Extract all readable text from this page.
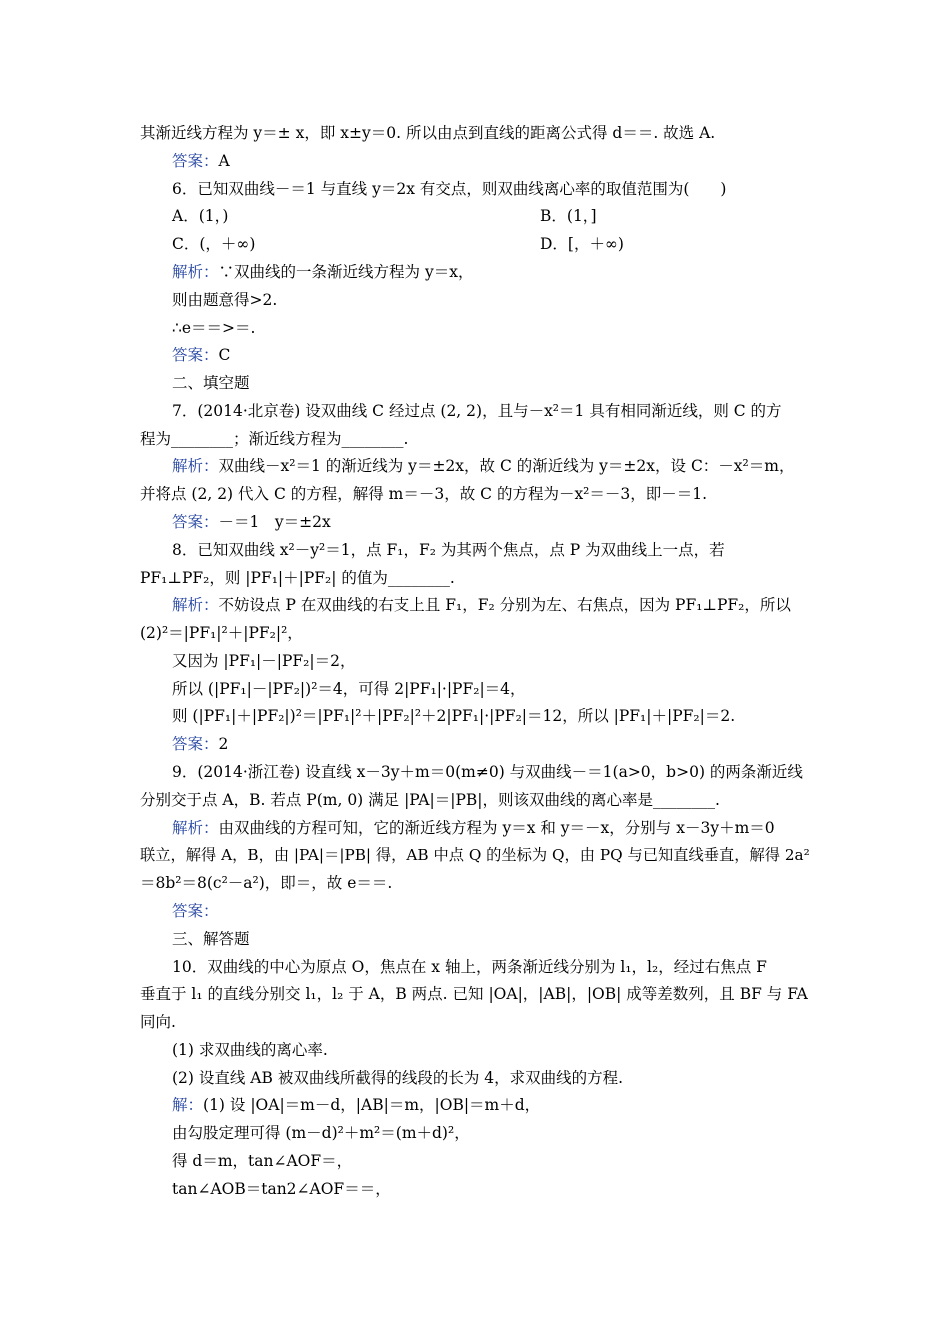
其渐近线方程为 y＝± x，即 x±y＝0. 所以由点到直线的距离公式得 d＝＝. 故选 A.
答案：A
6．已知双曲线－＝1 与直线 y＝2x 有交点，则双曲线离心率的取值范围为(　　)
A．(1，)	B．(1，]
C．(，＋∞)	D．[，＋∞)
解析：∵双曲线的一条渐近线方程为 y＝x，
则由题意得>2.
∴e＝＝>＝.
答案：C
二、填空题
7．(2014·北京卷) 设双曲线 C 经过点 (2, 2)，且与－x²＝1 具有相同渐近线，则 C 的方
程为________；渐近线方程为________.
解析：双曲线－x²＝1 的渐近线为 y＝±2x，故 C 的渐近线为 y＝±2x，设 C：－x²＝m，
并将点 (2, 2) 代入 C 的方程，解得 m＝－3，故 C 的方程为－x²＝－3，即－＝1.
答案：－＝1　y＝±2x
8．已知双曲线 x²－y²＝1，点 F₁，F₂ 为其两个焦点，点 P 为双曲线上一点，若
PF₁⊥PF₂，则 |PF₁|＋|PF₂| 的值为________.
解析：不妨设点 P 在双曲线的右支上且 F₁，F₂ 分别为左、右焦点，因为 PF₁⊥PF₂，所以
(2)²＝|PF₁|²＋|PF₂|²，
又因为 |PF₁|－|PF₂|＝2，
所以 (|PF₁|－|PF₂|)²＝4，可得 2|PF₁|·|PF₂|＝4，
则 (|PF₁|＋|PF₂|)²＝|PF₁|²＋|PF₂|²＋2|PF₁|·|PF₂|＝12，所以 |PF₁|＋|PF₂|＝2.
答案：2
9．(2014·浙江卷) 设直线 x－3y＋m＝0(m≠0) 与双曲线－＝1(a>0，b>0) 的两条渐近线
分别交于点 A，B. 若点 P(m, 0) 满足 |PA|＝|PB|，则该双曲线的离心率是________.
解析：由双曲线的方程可知，它的渐近线方程为 y＝x 和 y＝－x，分别与 x－3y＋m＝0
联立，解得 A，B，由 |PA|＝|PB| 得，AB 中点 Q 的坐标为 Q，由 PQ 与已知直线垂直，解得 2a²
＝8b²＝8(c²－a²)，即＝，故 e＝＝.
答案：
三、解答题
10．双曲线的中心为原点 O，焦点在 x 轴上，两条渐近线分别为 l₁，l₂，经过右焦点 F
垂直于 l₁ 的直线分别交 l₁，l₂ 于 A，B 两点. 已知 |OA|，|AB|，|OB| 成等差数列，且 BF 与 FA
同向.
(1) 求双曲线的离心率.
(2) 设直线 AB 被双曲线所截得的线段的长为 4，求双曲线的方程.
解：(1) 设 |OA|＝m－d，|AB|＝m，|OB|＝m＋d，
由勾股定理可得 (m－d)²＋m²＝(m＋d)²，
得 d＝m，tan∠AOF＝，
tan∠AOB＝tan2∠AOF＝＝，
